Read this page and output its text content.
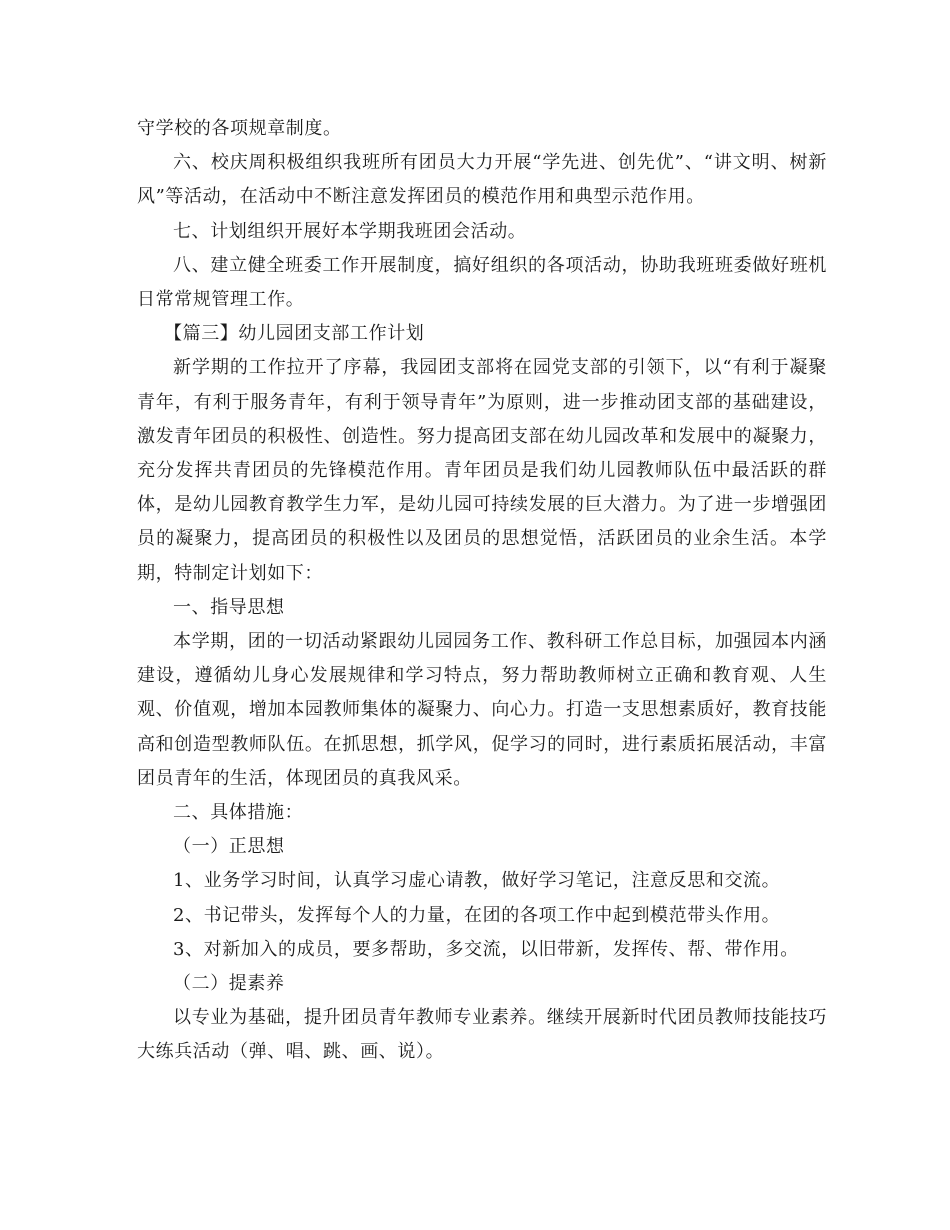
守学校的各项规章制度。

六、校庆周积极组织我班所有团员大力开展“学先进、创先优”、“讲文明、树新风”等活动，在活动中不断注意发挥团员的模范作用和典型示范作用。

七、计划组织开展好本学期我班团会活动。

八、建立健全班委工作开展制度，搞好组织的各项活动，协助我班班委做好班机日常常规管理工作。

【篇三】幼儿园团支部工作计划

新学期的工作拉开了序幕，我园团支部将在园党支部的引领下，以“有利于凝聚青年，有利于服务青年，有利于领导青年”为原则，进一步推动团支部的基础建设，激发青年团员的积极性、创造性。努力提高团支部在幼儿园改革和发展中的凝聚力，充分发挥共青团员的先锋模范作用。青年团员是我们幼儿园教师队伍中最活跃的群体，是幼儿园教育教学生力军，是幼儿园可持续发展的巨大潜力。为了进一步增强团员的凝聚力，提高团员的积极性以及团员的思想觉悟，活跃团员的业余生活。本学期，特制定计划如下：

一、指导思想

本学期，团的一切活动紧跟幼儿园园务工作、教科研工作总目标，加强园本内涵建设，遵循幼儿身心发展规律和学习特点，努力帮助教师树立正确和教育观、人生观、价值观，增加本园教师集体的凝聚力、向心力。打造一支思想素质好，教育技能高和创造型教师队伍。在抓思想，抓学风，促学习的同时，进行素质拓展活动，丰富团员青年的生活，体现团员的真我风采。

二、具体措施：

（一）正思想

1、业务学习时间，认真学习虚心请教，做好学习笔记，注意反思和交流。

2、书记带头，发挥每个人的力量，在团的各项工作中起到模范带头作用。

3、对新加入的成员，要多帮助，多交流，以旧带新，发挥传、帮、带作用。

（二）提素养

以专业为基础，提升团员青年教师专业素养。继续开展新时代团员教师技能技巧大练兵活动（弹、唱、跳、画、说）。
